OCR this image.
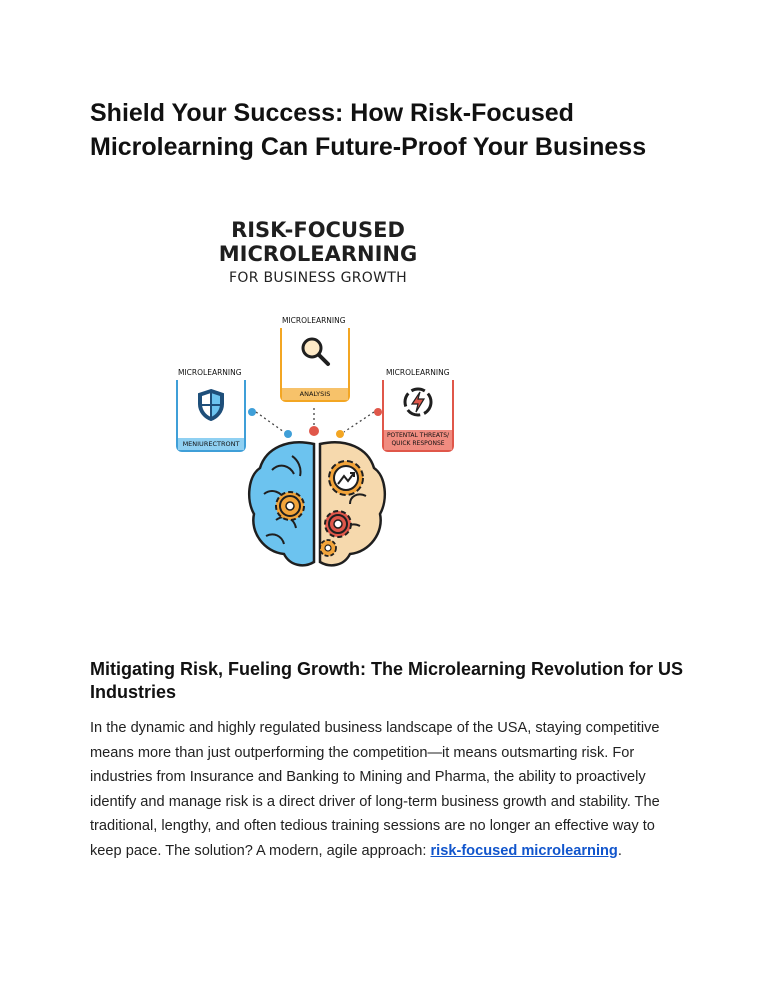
Shield Your Success: How Risk-Focused Microlearning Can Future-Proof Your Business
RISK-FOCUSED
MICROLEARNING
FOR BUSINESS GROWTH
MICROLEARNING
MENIURECTRONT
MICROLEARNING
ANALYSIS
MICROLEARNING
POTENTAL THREATS/ QUICK RESPONSE
Mitigating Risk, Fueling Growth: The Microlearning Revolution for US Industries

In the dynamic and highly regulated business landscape of the USA, staying competitive means more than just outperforming the competition—it means outsmarting risk. For industries from Insurance and Banking to Mining and Pharma, the ability to proactively identify and manage risk is a direct driver of long-term business growth and stability. The traditional, lengthy, and often tedious training sessions are no longer an effective way to keep pace. The solution? A modern, agile approach: risk-focused microlearning.
